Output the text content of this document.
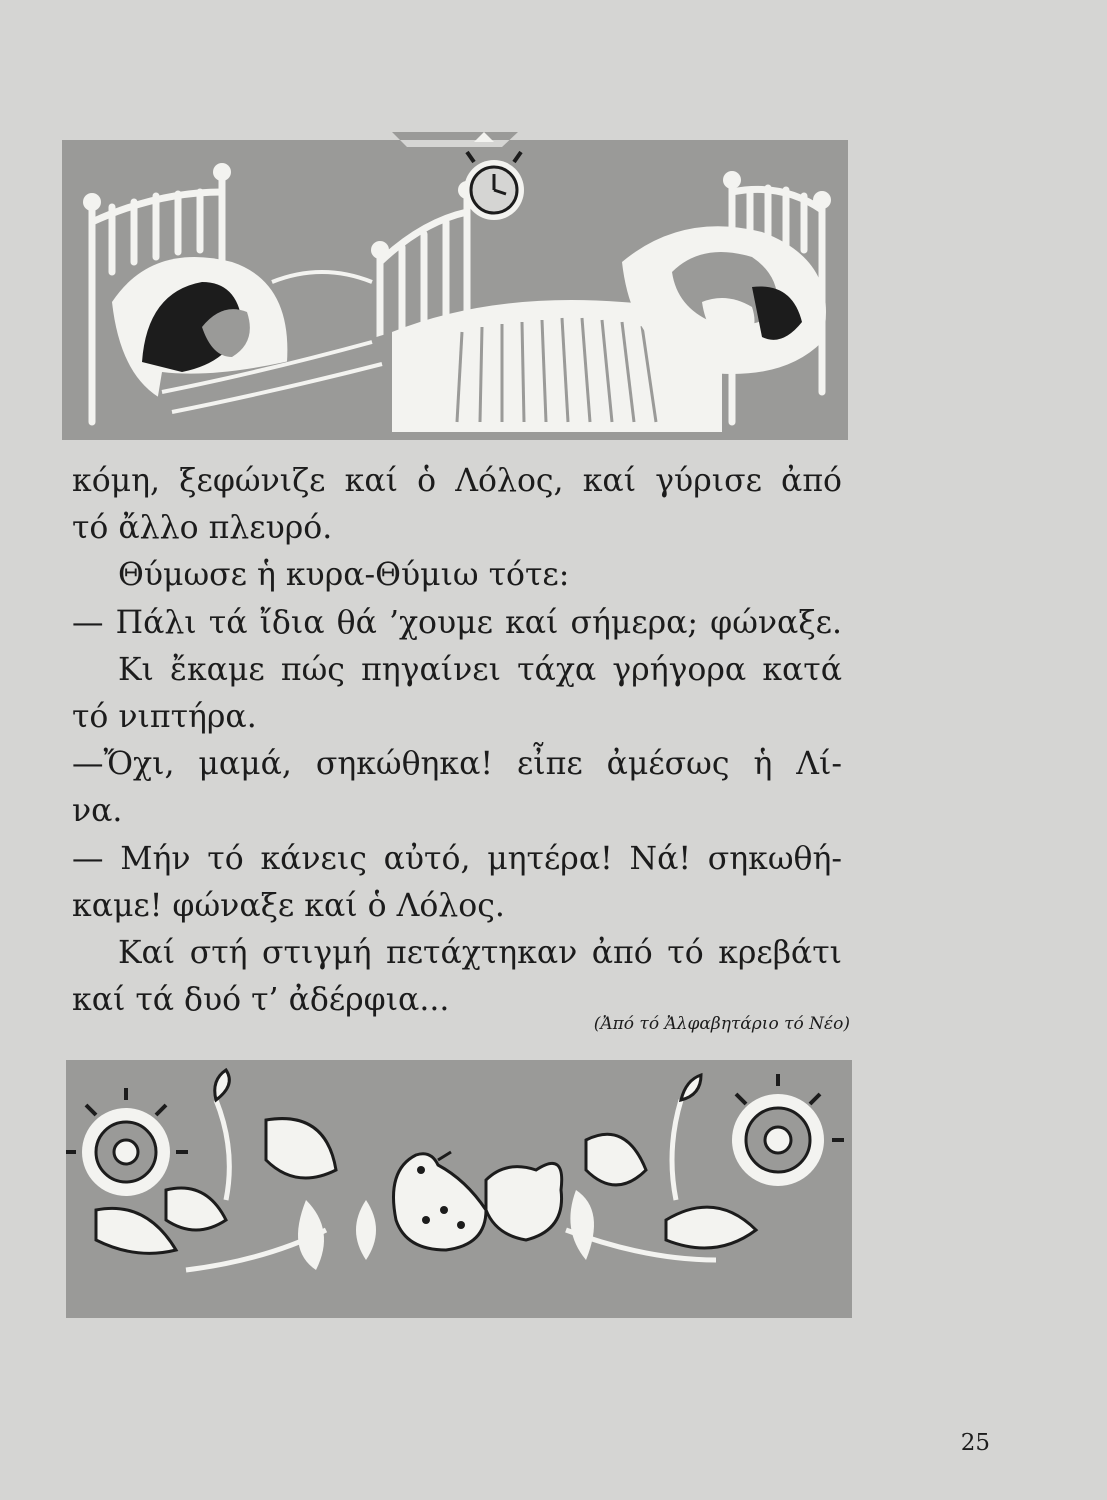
κόμη, ξεφώνιζε καί ὁ Λόλος, καί γύρισε ἀπό
τό ἄλλο πλευρό.
Θύμωσε ἡ κυρα-Θύμιω τότε:
— Πάλι τά ἴδια θά ’χουμε καί σήμερα; φώναξε.
Κι ἔκαμε πώς πηγαίνει τάχα γρήγορα κατά
τό νιπτήρα.
—Ὄχι, μαμά, σηκώθηκα! εἶπε ἀμέσως ἡ Λί-
να.
— Μήν τό κάνεις αὐτό, μητέρα! Νά! σηκωθή-
καμε! φώναξε καί ὁ Λόλος.
Καί στή στιγμή πετάχτηκαν ἀπό τό κρεβάτι
καί τά δυό τ’ ἀδέρφια...
(Ἀπό τό Ἀλφαβητάριο τό Νέο)
25
